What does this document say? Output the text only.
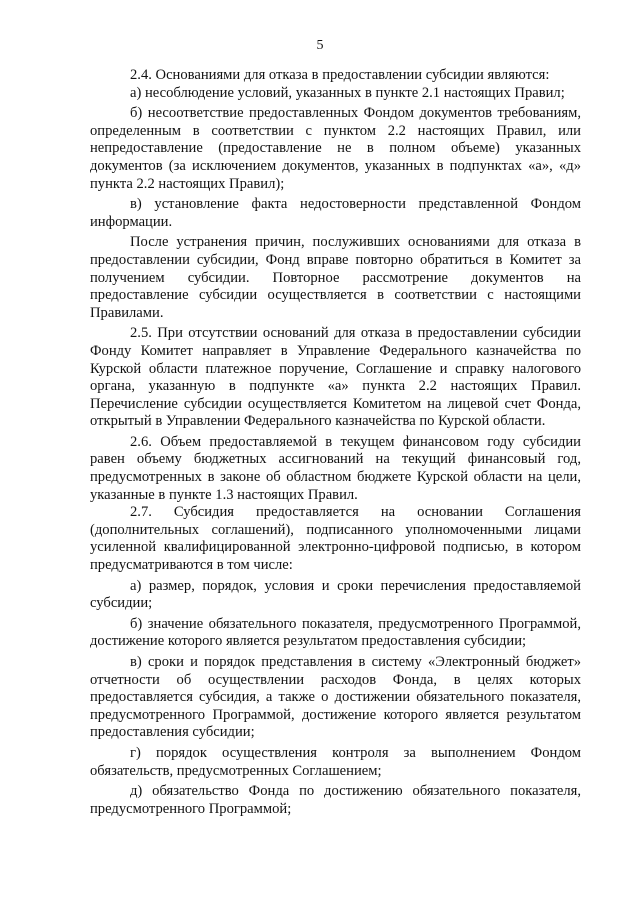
5

2.4. Основаниями для отказа в предоставлении субсидии являются:

а) несоблюдение условий, указанных в пункте 2.1 настоящих Правил;

б) несоответствие предоставленных Фондом документов требованиям, определенным в соответствии с пунктом 2.2 настоящих Правил, или непредоставление (предоставление не в полном объеме) указанных документов (за исключением документов, указанных в подпунктах «а», «д» пункта 2.2 настоящих Правил);

в) установление факта недостоверности представленной Фондом информации.

После устранения причин, послуживших основаниями для отказа в предоставлении субсидии, Фонд вправе повторно обратиться в Комитет за получением субсидии. Повторное рассмотрение документов на предоставление субсидии осуществляется в соответствии с настоящими Правилами.

2.5. При отсутствии оснований для отказа в предоставлении субсидии Фонду Комитет направляет в Управление Федерального казначейства по Курской области платежное поручение, Соглашение и справку налогового органа, указанную в подпункте «а» пункта 2.2 настоящих Правил. Перечисление субсидии осуществляется Комитетом на лицевой счет Фонда, открытый в Управлении Федерального казначейства по Курской области.

2.6. Объем предоставляемой в текущем финансовом году субсидии равен объему бюджетных ассигнований на текущий финансовый год, предусмотренных в законе об областном бюджете Курской области на цели, указанные в пункте 1.3 настоящих Правил.

2.7. Субсидия предоставляется на основании Соглашения (дополнительных соглашений), подписанного уполномоченными лицами усиленной квалифицированной электронно-цифровой подписью, в котором предусматриваются в том числе:

а) размер, порядок, условия и сроки перечисления предоставляемой субсидии;

б) значение обязательного показателя, предусмотренного Программой, достижение которого является результатом предоставления субсидии;

в) сроки и порядок представления в систему «Электронный бюджет» отчетности об осуществлении расходов Фонда, в целях которых предоставляется субсидия, а также о достижении обязательного показателя, предусмотренного Программой, достижение которого является результатом предоставления субсидии;

г) порядок осуществления контроля за выполнением Фондом обязательств, предусмотренных Соглашением;

д) обязательство Фонда по достижению обязательного показателя, предусмотренного Программой;
